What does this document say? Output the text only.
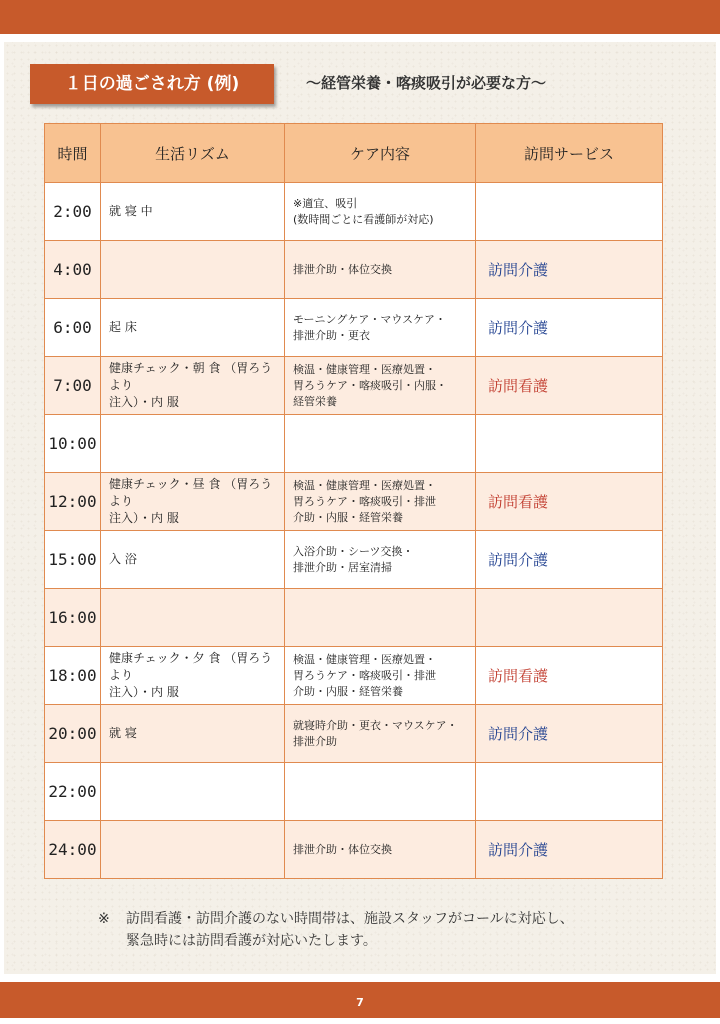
１日の過ごされ方 (例)	～経管栄養・喀痰吸引が必要な方～
時間	生活リズム	ケア内容	訪問サービス
2:00	就 寝 中	※適宜、吸引
(数時間ごとに看護師が対応)	
4:00		排泄介助・体位交換	訪問介護
6:00	起 床	モーニングケア・マウスケア・
排泄介助・更衣	訪問介護
7:00	健康チェック・朝 食 （胃ろうより
注入）・内 服	検温・健康管理・医療処置・
胃ろうケア・喀痰吸引・内服・
経管栄養	訪問看護
10:00			
12:00	健康チェック・昼 食 （胃ろうより
注入）・内 服	検温・健康管理・医療処置・
胃ろうケア・喀痰吸引・排泄
介助・内服・経管栄養	訪問看護
15:00	入 浴	入浴介助・シーツ交換・
排泄介助・居室清掃	訪問介護
16:00			
18:00	健康チェック・夕 食 （胃ろうより
注入）・内 服	検温・健康管理・医療処置・
胃ろうケア・喀痰吸引・排泄
介助・内服・経管栄養	訪問看護
20:00	就 寝	就寝時介助・更衣・マウスケア・
排泄介助	訪問介護
22:00			
24:00		排泄介助・体位交換	訪問介護
※ 訪問看護・訪問介護のない時間帯は、施設スタッフがコールに対応し、
緊急時には訪問看護が対応いたします。
7
